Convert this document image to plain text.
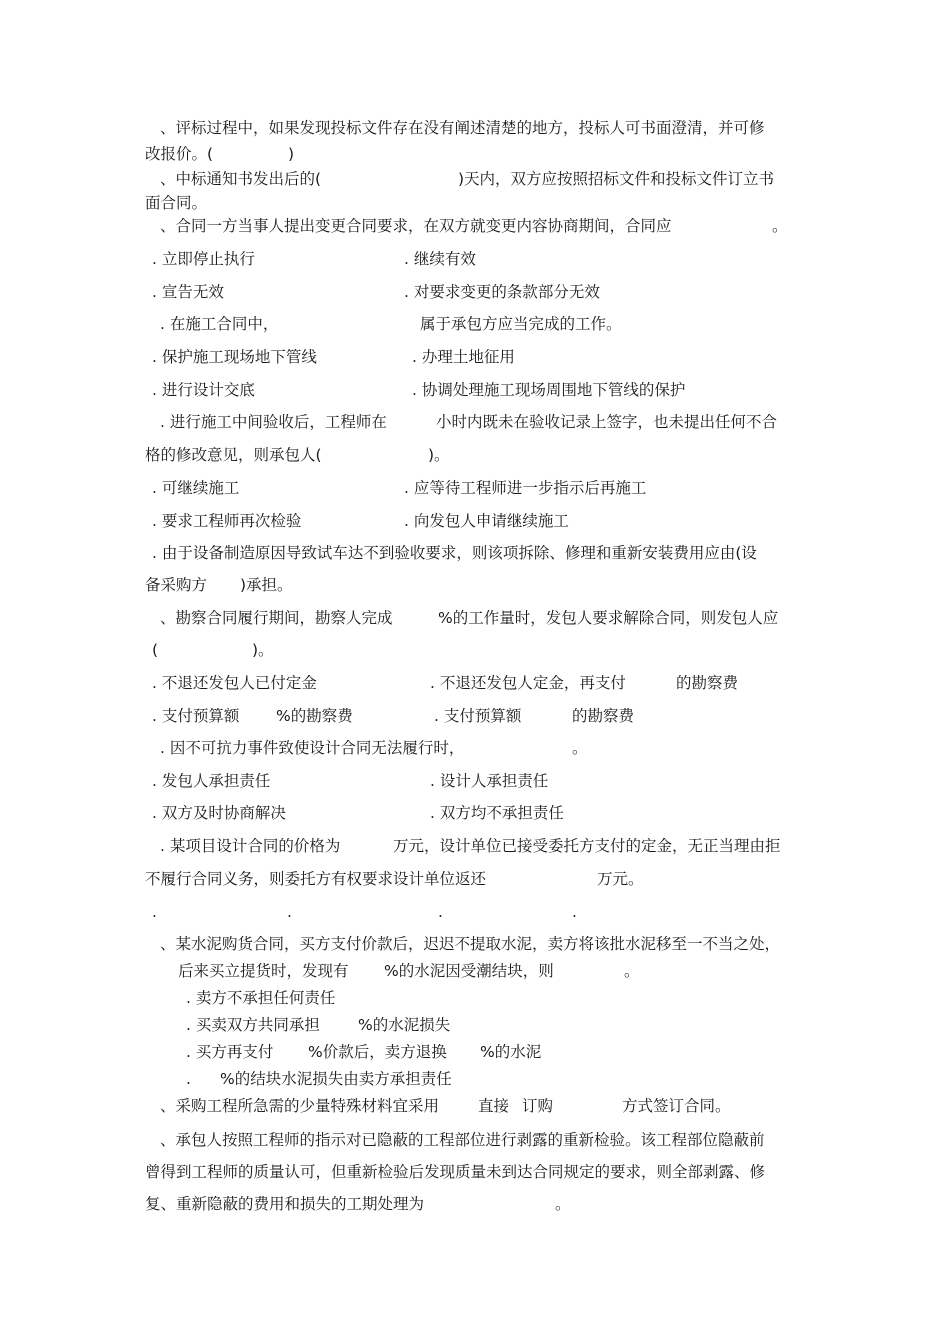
、评标过程中，如果发现投标文件存在没有阐述清楚的地方，投标人可书面澄清，并可修
改报价。(	)
、中标通知书发出后的(	)天内，双方应按照招标文件和投标文件订立书
面合同。
、合同一方当事人提出变更合同要求，在双方就变更内容协商期间，合同应	。
. 立即停止执行	. 继续有效
. 宣告无效	. 对要求变更的条款部分无效
. 在施工合同中，	属于承包方应当完成的工作。
. 保护施工现场地下管线	. 办理土地征用
. 进行设计交底	. 协调处理施工现场周围地下管线的保护
. 进行施工中间验收后，工程师在	小时内既未在验收记录上签字，也未提出任何不合
格的修改意见，则承包人(	)。
. 可继续施工	. 应等待工程师进一步指示后再施工
. 要求工程师再次检验	. 向发包人申请继续施工
. 由于设备制造原因导致试车达不到验收要求，则该项拆除、修理和重新安装费用应由(设
备采购方 )承担。
、勘察合同履行期间，勘察人完成	%的工作量时，发包人要求解除合同，则发包人应
(	)。
. 不退还发包人已付定金	. 不退还发包人定金，再支付	的勘察费
. 支付预算额 %的勘察费	. 支付预算额	的勘察费
. 因不可抗力事件致使设计合同无法履行时，	。
. 发包人承担责任	. 设计人承担责任
. 双方及时协商解决	. 双方均不承担责任
. 某项目设计合同的价格为	万元，设计单位已接受委托方支付的定金，无正当理由拒
不履行合同义务，则委托方有权要求设计单位返还	万元。
.	.	.	.
、某水泥购货合同，买方支付价款后，迟迟不提取水泥，卖方将该批水泥移至一不当之处，
后来买立提货时，发现有 %的水泥因受潮结块，则	。
. 卖方不承担任何责任
. 买卖双方共同承担 %的水泥损失
. 买方再支付 %价款后，卖方退换 %的水泥
. %的结块水泥损失由卖方承担责任
、采购工程所急需的少量特殊材料宜采用	直接 订购	方式签订合同。
、承包人按照工程师的指示对已隐蔽的工程部位进行剥露的重新检验。该工程部位隐蔽前
曾得到工程师的质量认可，但重新检验后发现质量未到达合同规定的要求，则全部剥露、修
复、重新隐蔽的费用和损失的工期处理为	。
